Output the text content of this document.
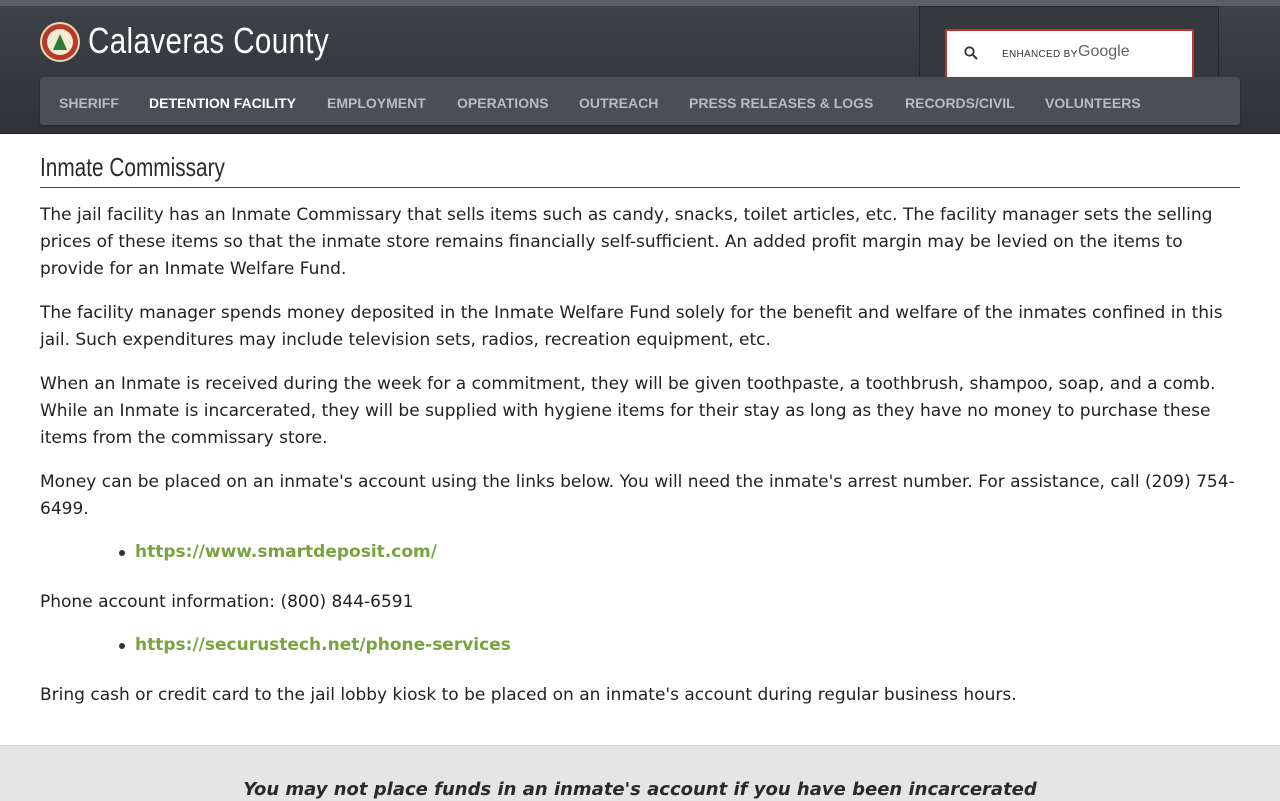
Calaveras County	ENHANCED BY Google
SHERIFF DETENTION FACILITY EMPLOYMENT OPERATIONS OUTREACH PRESS RELEASES & LOGS RECORDS/CIVIL VOLUNTEERS
Inmate Commissary

The jail facility has an Inmate Commissary that sells items such as candy, snacks, toilet articles, etc. The facility manager sets the selling prices of these items so that the inmate store remains financially self-sufficient. An added profit margin may be levied on the items to provide for an Inmate Welfare Fund.

The facility manager spends money deposited in the Inmate Welfare Fund solely for the benefit and welfare of the inmates confined in this jail. Such expenditures may include television sets, radios, recreation equipment, etc.

When an Inmate is received during the week for a commitment, they will be given toothpaste, a toothbrush, shampoo, soap, and a comb. While an Inmate is incarcerated, they will be supplied with hygiene items for their stay as long as they have no money to purchase these items from the commissary store.

Money can be placed on an inmate's account using the links below. You will need the inmate's arrest number. For assistance, call (209) 754-6499.

https://www.smartdeposit.com/

Phone account information: (800) 844-6591

https://securustech.net/phone-services

Bring cash or credit card to the jail lobby kiosk to be placed on an inmate's account during regular business hours.

You may not place funds in an inmate's account if you have been incarcerated
